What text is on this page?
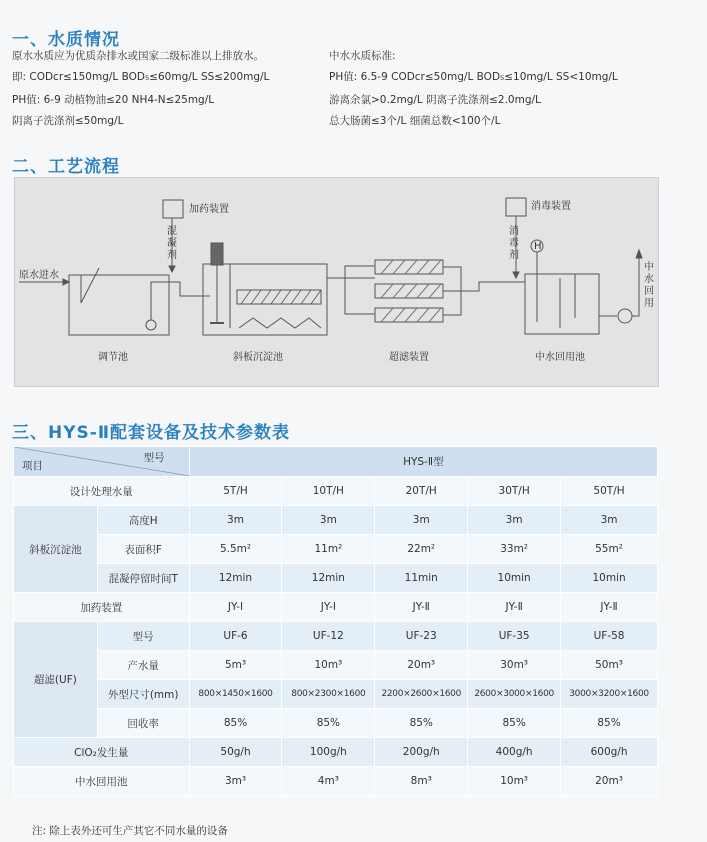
一、水质情况
原水水质应为优质杂排水或国家二级标准以上排放水。
即: CODcr≤150mg/L BOD₅≤60mg/L SS≤200mg/L
PH值: 6-9 动植物油≤20 NH4-N≤25mg/L
阴离子洗涤剂≤50mg/L
中水水质标准:
PH值: 6.5-9 CODcr≤50mg/L BOD₅≤10mg/L SS<10mg/L
游离余氯>0.2mg/L 阴离子洗涤剂≤2.0mg/L
总大肠菌≤3个/L 细菌总数<100个/L
二、工艺流程
原水进水
加药装置
混
凝
剂
消毒装置
消
毒
剂
H
中
水
回
用
调节池	斜板沉淀池	超滤装置	中水回用池
三、HYS-Ⅱ配套设备及技术参数表
型号
项目		HYS-Ⅱ型				
设计处理水量		5T/H	10T/H	20T/H	30T/H	50T/H
斜板沉淀池	高度H	3m	3m	3m	3m	3m
	表面积F	5.5m²	11m²	22m²	33m²	55m²
	混凝停留时间T	12min	12min	11min	10min	10min
加药装置		JY-Ⅰ	JY-Ⅰ	JY-Ⅱ	JY-Ⅱ	JY-Ⅱ
超滤(UF)	型号	UF-6	UF-12	UF-23	UF-35	UF-58
	产水量	5m³	10m³	20m³	30m³	50m³
	外型尺寸(mm)	800×1450×1600	800×2300×1600	2200×2600×1600	2600×3000×1600	3000×3200×1600
	回收率	85%	85%	85%	85%	85%
ClO₂发生量		50g/h	100g/h	200g/h	400g/h	600g/h
中水回用池		3m³	4m³	8m³	10m³	20m³
注: 除上表外还可生产其它不同水量的设备
